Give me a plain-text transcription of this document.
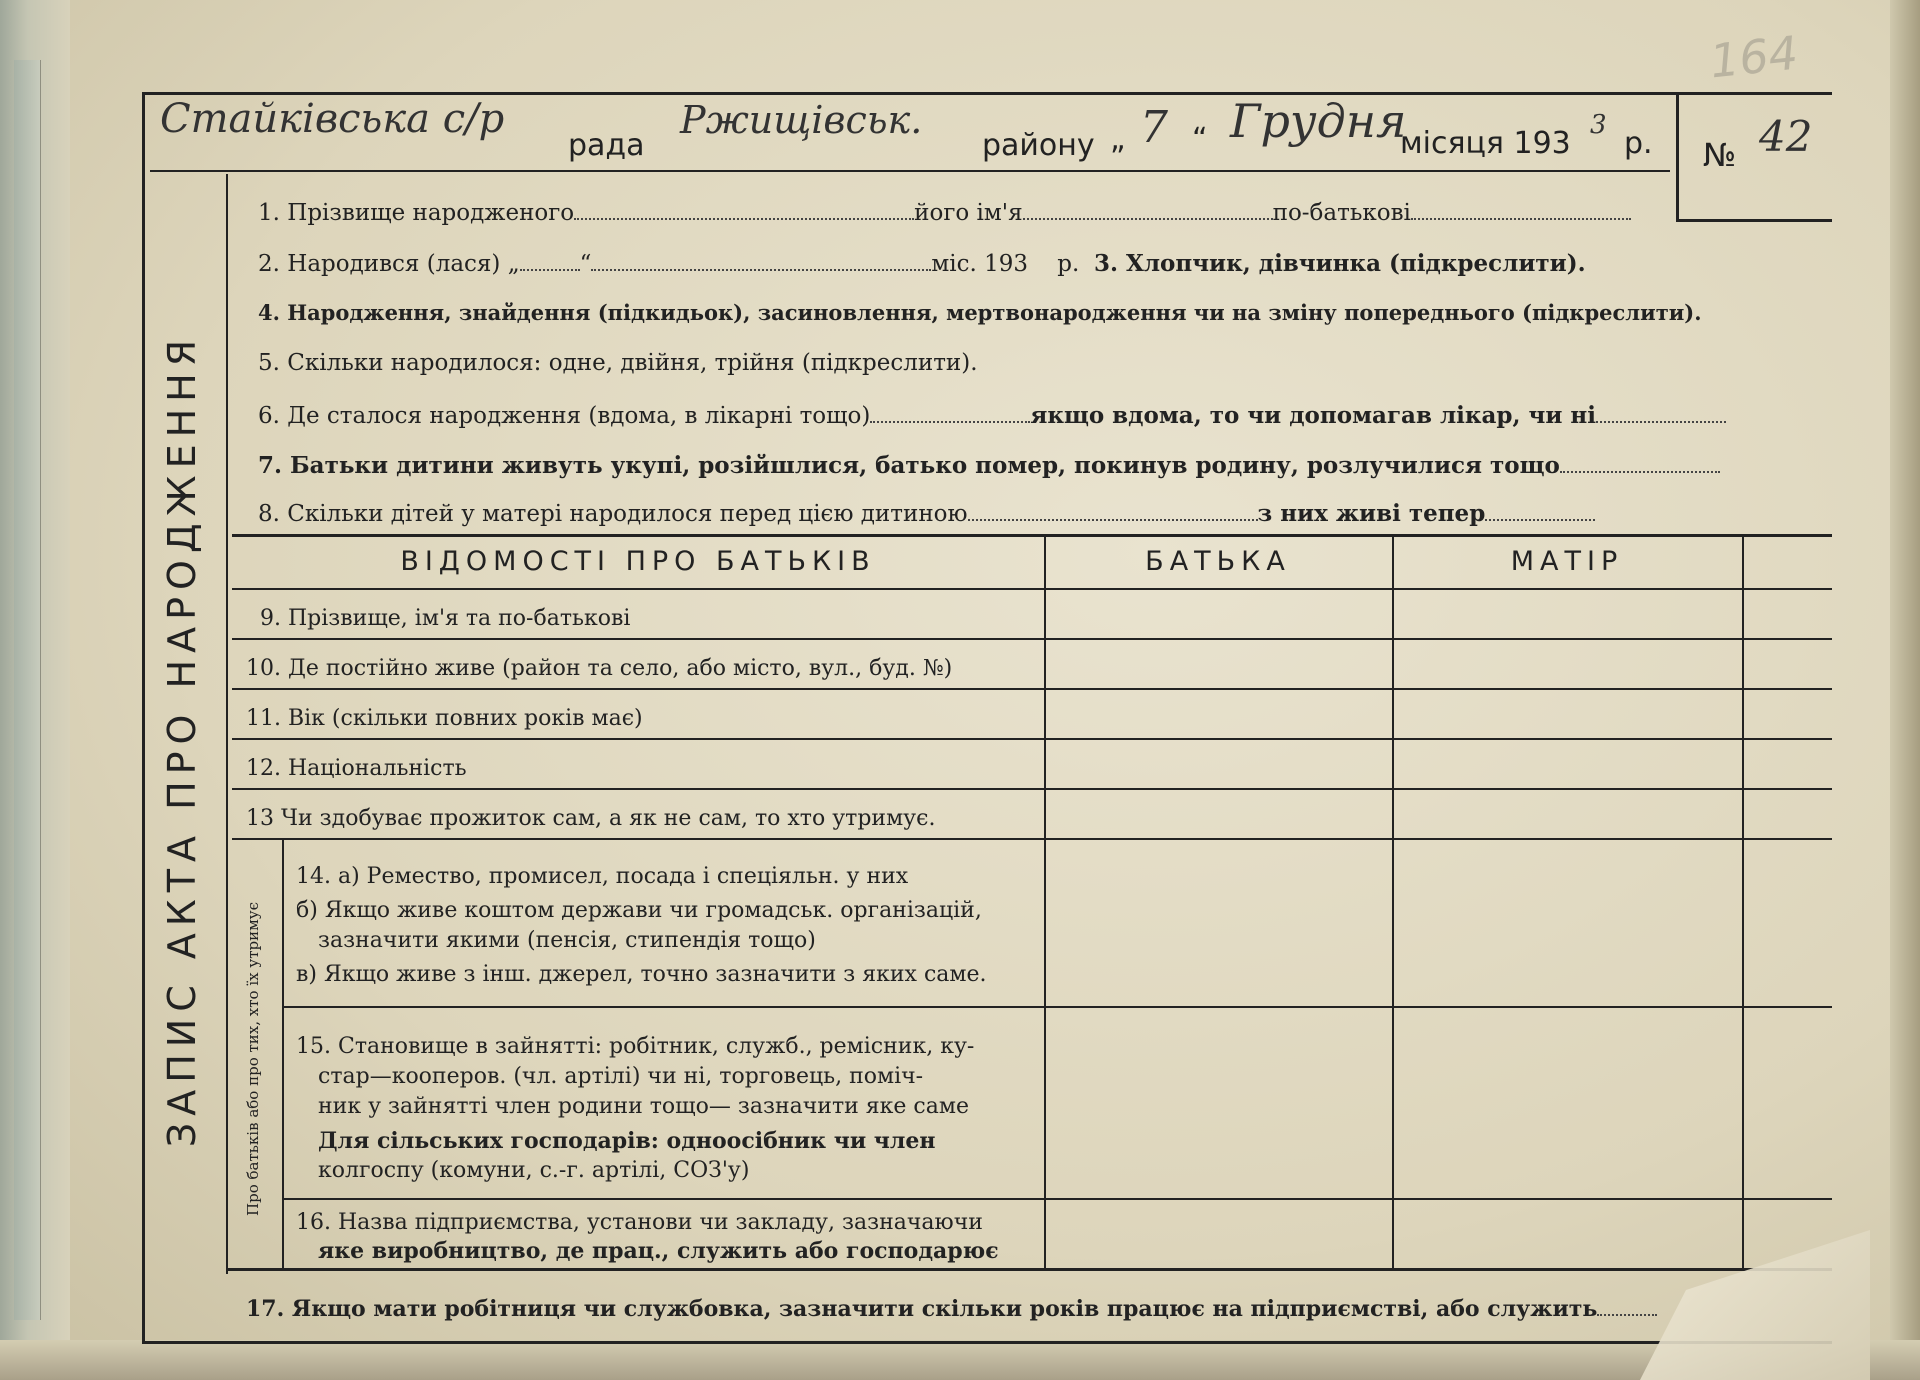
164
Стайківська с/р
рада
Ржищівськ.
району „ 7 “ Грудня
місяця 193
3
р. № 42
ЗАПИС АКТА ПРО НАРОДЖЕННЯ
1. Прізвище народженого	його ім'я	по-батькові
2. Народився (лася) „	“	міс. 193 р. 3. Хлопчик, дівчинка (підкреслити).
4. Народження, знайдення (підкидьок), засиновлення, мертвонародження чи на зміну попереднього (підкреслити).
5. Скільки народилося: одне, двійня, трійня (підкреслити).
6. Де сталося народження (вдома, в лікарні тощо)	якщо вдома, то чи допомагав лікар, чи ні
7. Батьки дитини живуть укупі, розійшлися, батько помер, покинув родину, розлучилися тощо
8. Скільки дітей у матері народилося перед цією дитиною	з них живі тепер
ВІДОМОСТІ ПРО БАТЬКІВ	БАТЬКА	МАТІР
9. Прізвище, ім'я та по-батькові
10. Де постійно живе (район та село, або місто, вул., буд. №)
11. Вік (скільки повних років має)
12. Національність
13 Чи здобуває прожиток сам, а як не сам, то хто утримує.
Про батьків або про тих, хто їх утримує
14. а) Ремество, промисел, посада і спеціяльн. у них
б) Якщо живе коштом держави чи громадськ. організацій,
зазначити якими (пенсія, стипендія тощо)
в) Якщо живе з інш. джерел, точно зазначити з яких саме.
15. Становище в зайнятті: робітник, служб., ремісник, ку-
стар—кооперов. (чл. артілі) чи ні, торговець, поміч-
ник у зайнятті член родини тощо— зазначити яке саме
Для сільських господарів: одноосібник чи член
колгоспу (комуни, с.-г. артілі, СОЗ'у)
16. Назва підприємства, установи чи закладу, зазначаючи
яке виробництво, де прац., служить або господарює
17. Якщо мати робітниця чи службовка, зазначити скільки років працює на підприємстві, або служить
